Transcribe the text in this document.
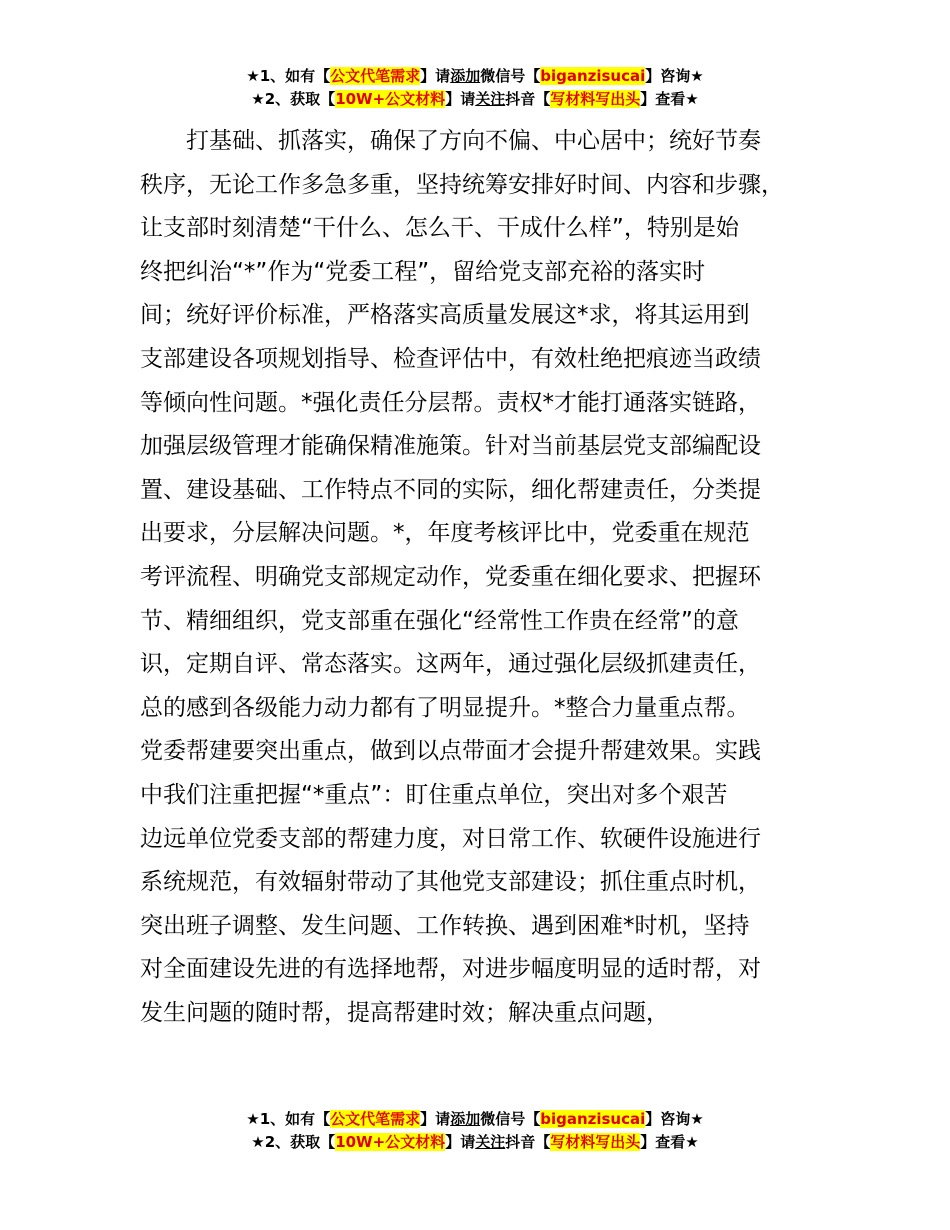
★1、如有【公文代笔需求】请添加微信号【biganzisucai】咨询★
★2、获取【10W+公文材料】请关注抖音【写材料写出头】查看★
打基础、抓落实，确保了方向不偏、中心居中；统好节奏
秩序，无论工作多急多重，坚持统筹安排好时间、内容和步骤，
让支部时刻清楚“干什么、怎么干、干成什么样”，特别是始
终把纠治“*”作为“党委工程”，留给党支部充裕的落实时
间；统好评价标准，严格落实高质量发展这*求，将其运用到
支部建设各项规划指导、检查评估中，有效杜绝把痕迹当政绩
等倾向性问题。*强化责任分层帮。责权*才能打通落实链路，
加强层级管理才能确保精准施策。针对当前基层党支部编配设
置、建设基础、工作特点不同的实际，细化帮建责任，分类提
出要求，分层解决问题。*，年度考核评比中，党委重在规范
考评流程、明确党支部规定动作，党委重在细化要求、把握环
节、精细组织，党支部重在强化“经常性工作贵在经常”的意
识，定期自评、常态落实。这两年，通过强化层级抓建责任，
总的感到各级能力动力都有了明显提升。*整合力量重点帮。
党委帮建要突出重点，做到以点带面才会提升帮建效果。实践
中我们注重把握“*重点”：盯住重点单位，突出对多个艰苦
边远单位党委支部的帮建力度，对日常工作、软硬件设施进行
系统规范，有效辐射带动了其他党支部建设；抓住重点时机，
突出班子调整、发生问题、工作转换、遇到困难*时机，坚持
对全面建设先进的有选择地帮，对进步幅度明显的适时帮，对
发生问题的随时帮，提高帮建时效；解决重点问题，
★1、如有【公文代笔需求】请添加微信号【biganzisucai】咨询★
★2、获取【10W+公文材料】请关注抖音【写材料写出头】查看★
